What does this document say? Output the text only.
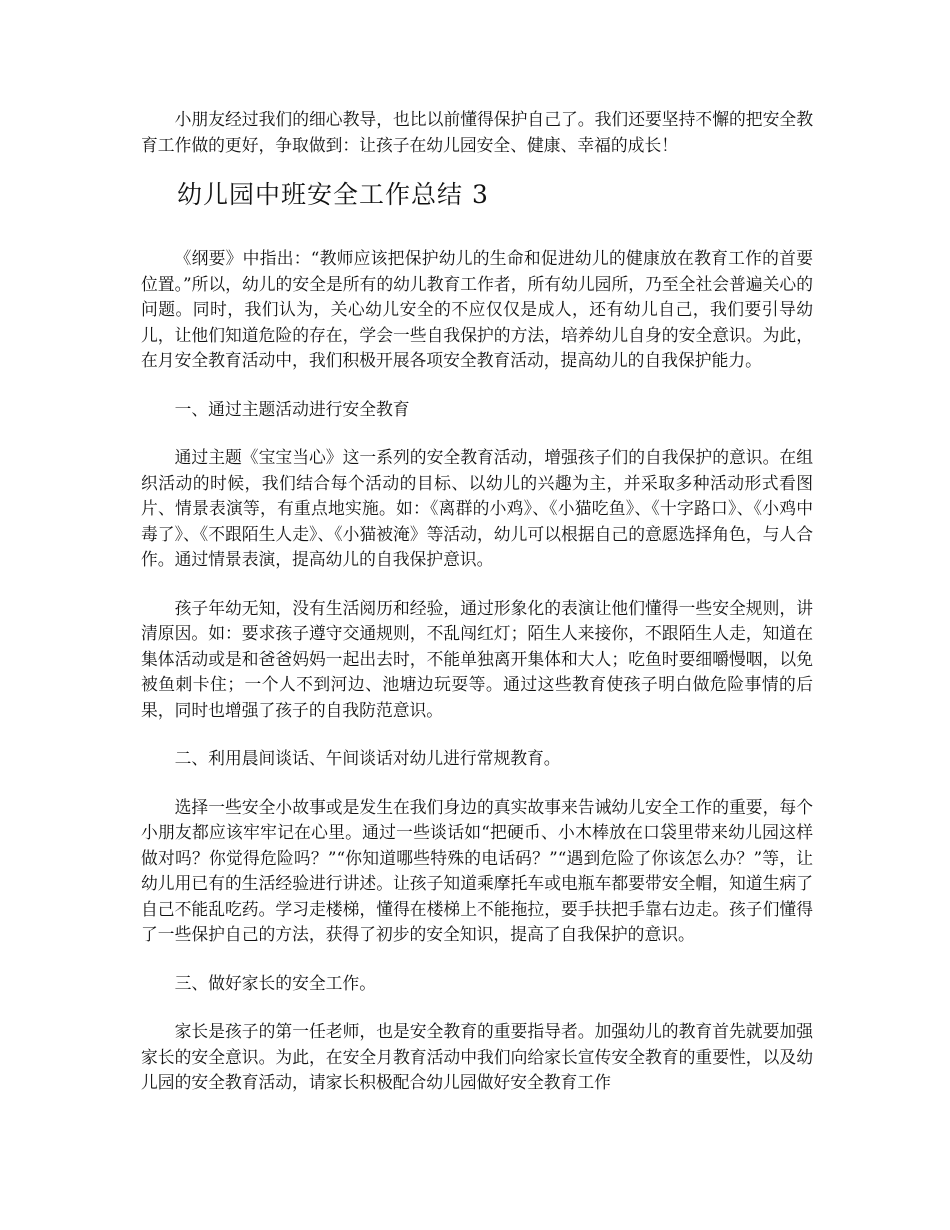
小朋友经过我们的细心教导，也比以前懂得保护自己了。我们还要坚持不懈的把安全教育工作做的更好，争取做到：让孩子在幼儿园安全、健康、幸福的成长！

幼儿园中班安全工作总结 3

《纲要》中指出：“教师应该把保护幼儿的生命和促进幼儿的健康放在教育工作的首要位置。”所以，幼儿的安全是所有的幼儿教育工作者，所有幼儿园所，乃至全社会普遍关心的问题。同时，我们认为，关心幼儿安全的不应仅仅是成人，还有幼儿自己，我们要引导幼儿，让他们知道危险的存在，学会一些自我保护的方法，培养幼儿自身的安全意识。为此，在月安全教育活动中，我们积极开展各项安全教育活动，提高幼儿的自我保护能力。

一、通过主题活动进行安全教育

通过主题《宝宝当心》这一系列的安全教育活动，增强孩子们的自我保护的意识。在组织活动的时候，我们结合每个活动的目标、以幼儿的兴趣为主，并采取多种活动形式看图片、情景表演等，有重点地实施。如：《离群的小鸡》、《小猫吃鱼》、《十字路口》、《小鸡中毒了》、《不跟陌生人走》、《小猫被淹》等活动，幼儿可以根据自己的意愿选择角色，与人合作。通过情景表演，提高幼儿的自我保护意识。

孩子年幼无知，没有生活阅历和经验，通过形象化的表演让他们懂得一些安全规则，讲清原因。如：要求孩子遵守交通规则，不乱闯红灯；陌生人来接你，不跟陌生人走，知道在集体活动或是和爸爸妈妈一起出去时，不能单独离开集体和大人；吃鱼时要细嚼慢咽，以免被鱼刺卡住；一个人不到河边、池塘边玩耍等。通过这些教育使孩子明白做危险事情的后果，同时也增强了孩子的自我防范意识。

二、利用晨间谈话、午间谈话对幼儿进行常规教育。

选择一些安全小故事或是发生在我们身边的真实故事来告诫幼儿安全工作的重要，每个小朋友都应该牢牢记在心里。通过一些谈话如“把硬币、小木棒放在口袋里带来幼儿园这样做对吗？你觉得危险吗？”“你知道哪些特殊的电话码？”“遇到危险了你该怎么办？”等，让幼儿用已有的生活经验进行讲述。让孩子知道乘摩托车或电瓶车都要带安全帽，知道生病了自己不能乱吃药。学习走楼梯，懂得在楼梯上不能拖拉，要手扶把手靠右边走。孩子们懂得了一些保护自己的方法，获得了初步的安全知识，提高了自我保护的意识。

三、做好家长的安全工作。

家长是孩子的第一任老师，也是安全教育的重要指导者。加强幼儿的教育首先就要加强家长的安全意识。为此，在安全月教育活动中我们向给家长宣传安全教育的重要性，以及幼儿园的安全教育活动，请家长积极配合幼儿园做好安全教育工作
